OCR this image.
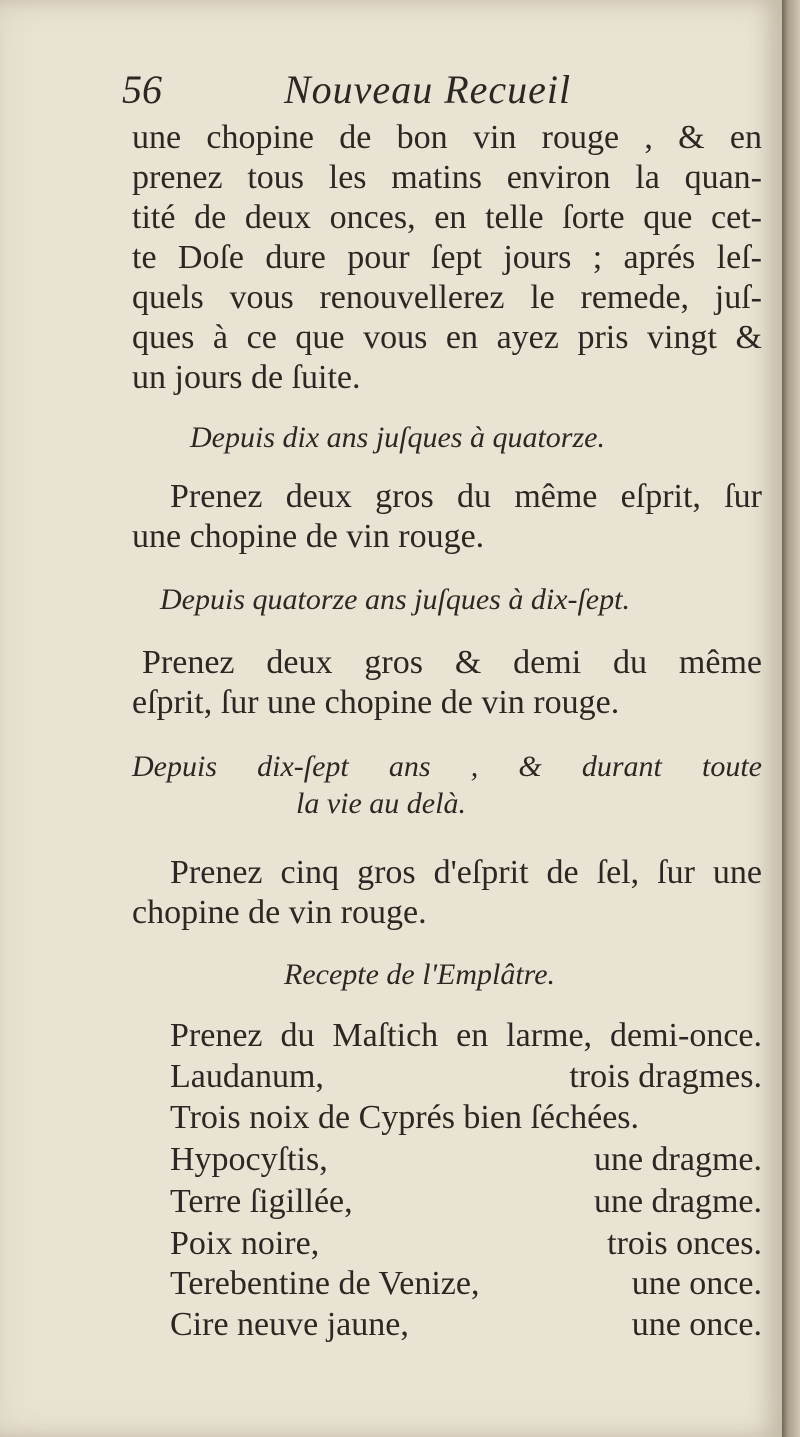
56	Nouveau Recueil
une chopine de bon vin rouge , & en
prenez tous les matins environ la quan-
tité de deux onces, en telle ſorte que cet-
te Doſe dure pour ſept jours ; aprés leſ-
quels vous renouvellerez le remede, juſ-
ques à ce que vous en ayez pris vingt &
un jours de ſuite.
Depuis dix ans juſques à quatorze.
Prenez deux gros du même eſprit, ſur
une chopine de vin rouge.
Depuis quatorze ans juſques à dix-ſept.
Prenez deux gros & demi du même
eſprit, ſur une chopine de vin rouge.
Depuis dix-ſept ans , & durant toute
la vie au delà.
Prenez cinq gros d'eſprit de ſel, ſur une
chopine de vin rouge.
Recepte de l'Emplâtre.
Prenez du Maſtich en larme, demi-once.
Laudanum,	trois dragmes.
Trois noix de Cyprés bien ſéchées.
Hypocyſtis,	une dragme.
Terre ſigillée,	une dragme.
Poix noire,	trois onces.
Terebentine de Venize,	une once.
Cire neuve jaune,	une once.
